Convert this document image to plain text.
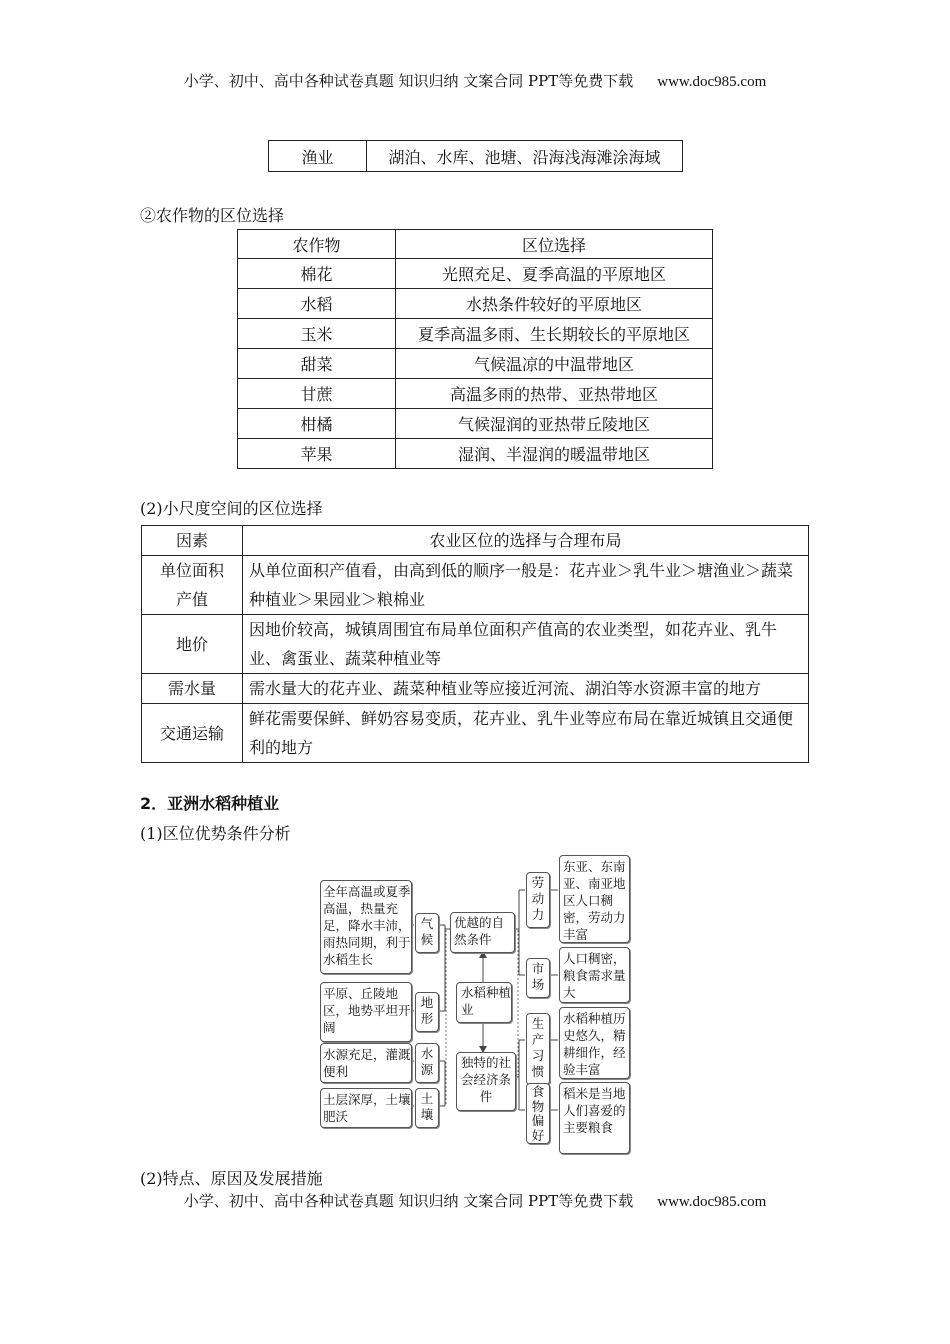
小学、初中、高中各种试卷真题 知识归纳 文案合同 PPT等免费下载 www.doc985.com
小学、初中、高中各种试卷真题 知识归纳 文案合同 PPT等免费下载 www.doc985.com
渔业	湖泊、水库、池塘、沿海浅海滩涂海域
②农作物的区位选择
农作物	区位选择
棉花	光照充足、夏季高温的平原地区
水稻	水热条件较好的平原地区
玉米	夏季高温多雨、生长期较长的平原地区
甜菜	气候温凉的中温带地区
甘蔗	高温多雨的热带、亚热带地区
柑橘	气候湿润的亚热带丘陵地区
苹果	湿润、半湿润的暖温带地区
(2)小尺度空间的区位选择
因素	农业区位的选择与合理布局
单位面积产值	从单位面积产值看，由高到低的顺序一般是：花卉业＞乳牛业＞塘渔业＞蔬菜种植业＞果园业＞粮棉业
地价	因地价较高，城镇周围宜布局单位面积产值高的农业类型，如花卉业、乳牛业、禽蛋业、蔬菜种植业等
需水量	需水量大的花卉业、蔬菜种植业等应接近河流、湖泊等水资源丰富的地方
交通运输	鲜花需要保鲜、鲜奶容易变质，花卉业、乳牛业等应布局在靠近城镇且交通便利的地方
2．亚洲水稻种植业
(1)区位优势条件分析
(2)特点、原因及发展措施
全年高温或夏季高温，热量充足，降水丰沛，雨热同期，利于水稻生长
平原、丘陵地区，地势平坦开阔
水源充足，灌溉便利
土层深厚，土壤肥沃
气候
地形
水源
土壤
优越的自然条件
水稻种植业
独特的社会经济条件
劳动力
市场
生产习惯
食物偏好
东亚、东南亚、南亚地区人口稠密，劳动力丰富
人口稠密，粮食需求量大
水稻种植历史悠久，精耕细作，经验丰富
稻米是当地人们喜爱的主要粮食
